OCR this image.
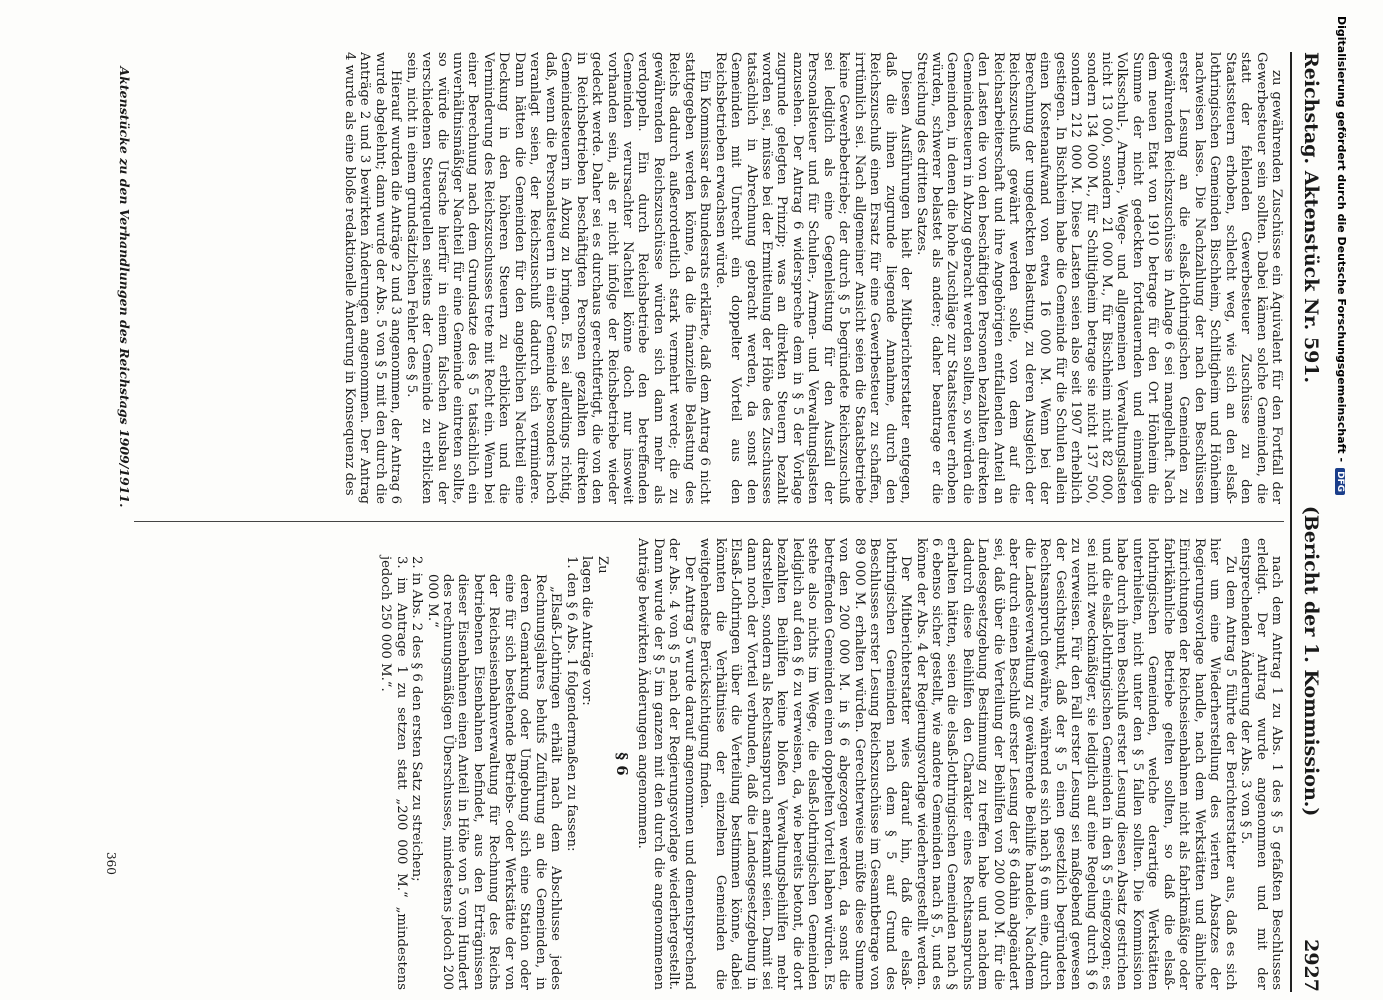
Reichstag. Aktenstück Nr. 591.
(Bericht der 1. Kommission.)
2927

zu gewährenden Zuschüsse ein Äquivalent für den Fortfall der Gewerbesteuer sein sollten. Dabei kämen solche Gemeinden, die statt der fehlenden Gewerbesteuer Zuschüsse zu den Staatssteuern erhoben, schlecht weg, wie sich an den elsaß-lothringischen Gemeinden Bischheim, Schiltigheim und Hönheim nachweisen lasse. Die Nachzahlung der nach den Beschlüssen erster Lesung an die elsaß-lothringischen Gemeinden zu gewährenden Reichszuschüsse in Anlage 6 sei mangelhaft. Nach dem neuen Etat von 1910 betrage für den Ort Hönheim die Summe der nicht gedeckten fortdauernden und einmaligen Volksschul-, Armen-, Wege- und allgemeinen Verwaltungslasten nicht 13 000, sondern 21 000 M., für Bischheim nicht 82 000, sondern 134 000 M., für Schiltigheim betrage sie nicht 137 500, sondern 212 000 M. Diese Lasten seien also seit 1907 erheblich gestiegen. In Bischheim habe die Gemeinde für die Schulen allein einen Kostenaufwand von etwa 16 000 M. Wenn bei der Berechnung der ungedeckten Belastung, zu deren Ausgleich der Reichszuschuß gewährt werden solle, von dem auf die Reichsarbeiterschaft und ihre Angehörigen entfallenden Anteil an den Lasten die von den beschäftigten Personen bezahlten direkten Gemeindesteuern in Abzug gebracht werden sollten, so würden die Gemeinden, in denen die hohe Zuschläge zur Staatssteuer erhoben würden, schwerer belastet als andere; daher beantrage er die Streichung des dritten Satzes.

Diesen Ausführungen hielt der Mitberichterstatter entgegen, daß die ihnen zugrunde liegende Annahme, durch den Reichszuschuß einen Ersatz für eine Gewerbesteuer zu schaffen, irrtümlich sei. Nach allgemeiner Ansicht seien die Staatsbetriebe keine Gewerbebetriebe; der durch § 5 begründete Reichszuschuß sei lediglich als eine Gegenleistung für den Ausfall der Personalsteuer und für Schulen-, Armen- und Verwaltungslasten anzusehen. Der Antrag 6 widerspreche dem in § 5 der Vorlage zugrunde gelegten Prinzip; was an direkten Steuern bezahlt worden sei, müsse bei der Ermittelung der Höhe des Zuschusses tatsächlich in Abrechnung gebracht werden, da sonst den Gemeinden mit Unrecht ein doppelter Vorteil aus den Reichsbetrieben erwachsen würde.

Ein Kommissar des Bundesrats erklärte, daß dem Antrag 6 nicht stattgegeben werden könne, da die finanzielle Belastung des Reichs dadurch außerordentlich stark vermehrt werde; die zu gewährenden Reichszuschüsse würden sich dann mehr als verdoppeln. Ein durch Reichsbetriebe den betreffenden Gemeinden verursachter Nachteil könne doch nur insoweit vorhanden sein, als er nicht infolge der Reichsbetriebe wieder gedeckt werde. Daher sei es durchaus gerechtfertigt, die von den in Reichsbetrieben beschäftigten Personen gezahlten direkten Gemeindesteuern in Abzug zu bringen. Es sei allerdings richtig, daß, wenn die Personalsteuern in einer Gemeinde besonders hoch veranlagt seien, der Reichszuschuß dadurch sich vermindere. Dann hätten die Gemeinden für den angeblichen Nachteil eine Deckung in den höheren Steuern zu erblicken und die Verminderung des Reichszuschusses trete mit Recht ein. Wenn bei einer Berechnung nach dem Grundsatze des § 5 tatsächlich ein unverhältnismäßiger Nachteil für eine Gemeinde eintreten sollte, so würde die Ursache hierfür in einem falschen Ausbau der verschiedenen Steuerquellen seitens der Gemeinde zu erblicken sein, nicht in einem grundsätzlichen Fehler des § 5.

Hierauf wurden die Anträge 2 und 3 angenommen, der Antrag 6 wurde abgelehnt; dann wurde der Abs. 5 von § 5 mit den durch die Anträge 2 und 3 bewirkten Änderungen angenommen. Der Antrag 4 wurde als eine bloße redaktionelle Änderung in Konsequenz des

nach dem Antrag 1 zu Abs. 1 des § 5 gefaßten Beschlusses erledigt. Der Antrag wurde angenommen und mit der entsprechenden Änderung der Abs. 3 von § 5.

Zu dem Antrag 5 führte der Berichterstatter aus, daß es sich hier um eine Wiederherstellung des vierten Absatzes der Regierungsvorlage handle, nach dem Werkstätten und ähnliche Einrichtungen der Reichseisenbahnen nicht als fabrikmäßige oder fabrikähnliche Betriebe gelten sollten, so daß die elsaß-lothringischen Gemeinden, welche derartige Werkstätten unterhielten, nicht unter den § 5 fallen sollten. Die Kommission habe durch ihren Beschluß erster Lesung diesen Absatz gestrichen und die elsaß-lothringischen Gemeinden in den § 5 eingezogen; es sei nicht zweckmäßiger, sie lediglich auf eine Regelung durch § 6 zu verweisen. Für den Fall erster Lesung sei maßgebend gewesen der Gesichtspunkt, daß der § 5 einen gesetzlich begründeten Rechtsanspruch gewähre, während es sich nach § 6 um eine, durch die Landesverwaltung zu gewährende Beihilfe handele. Nachdem aber durch einen Beschluß erster Lesung der § 6 dahin abgeändert sei, daß über die Verteilung der Beihilfen von 200 000 M. für die Landesgesetzgebung Bestimmung zu treffen habe und nachdem dadurch diese Beihilfen den Charakter eines Rechtsanspruchs erhalten hätten, seien die elsaß-lothringischen Gemeinden nach § 6 ebenso sicher gestellt, wie andere Gemeinden nach § 5, und es könne der Abs. 4 der Regierungsvorlage wiederhergestellt werden.

Der Mitberichterstatter wies darauf hin, daß die elsaß-lothringischen Gemeinden nach dem § 5 auf Grund des Beschlusses erster Lesung Reichszuschüsse im Gesamtbetrage von 89 000 M. erhalten würden. Gerechterweise müßte diese Summe von den 200 000 M. in § 6 abgezogen werden, da sonst die betreffenden Gemeinden einen doppelten Vorteil haben würden. Es stehe also nichts im Wege, die elsaß-lothringischen Gemeinden lediglich auf den § 6 zu verweisen, da, wie bereits betont, die dort bezahlten Beihilfen keine bloßen Verwaltungsbeihilfen mehr darstellen, sondern als Rechtsanspruch anerkannt seien. Damit sei dann noch der Vorteil verbunden, daß die Landesgesetzgebung in Elsaß-Lothringen über die Verteilung bestimmen könne, dabei könnten die Verhältnisse der einzelnen Gemeinden die weitgehendste Berücksichtigung finden.

Der Antrag 5 wurde darauf angenommen und dementsprechend der Abs. 4 von § 5 nach der Regierungsvorlage wiederhergestellt. Dann wurde der § 5 im ganzen mit den durch die angenommenen Anträge bewirkten Änderungen angenommen.

§ 6

Zu

lagen die Anträge vor:

1. den § 6 Abs. 1 folgendermaßen zu fassen:

„Elsaß-Lothringen erhält nach dem Abschlusse jedes Rechnungsjahres behufs Zuführung an die Gemeinden, in deren Gemarkung oder Umgebung sich eine Station oder eine für sich bestehende Betriebs- oder Werkstätte der von der Reichseisenbahnverwaltung für Rechnung des Reichs betriebenen Eisenbahnen befindet, aus den Erträgnissen dieser Eisenbahnen einen Anteil in Höhe von 5 vom Hundert des rechnungsmäßigen Überschusses, mindestens jedoch 200 000 M.“

2. in Abs. 2 des § 6 den ersten Satz zu streichen;

3. im Antrage 1 zu setzen statt „200 000 M.“ „mindestens jedoch 250 000 M.“.

Aktenstücke zu den Verhandlungen des Reichstags 1909/1911.
360
Digitalisierung gefördert durch die Deutsche Forschungsgemeinschaft -DFG
